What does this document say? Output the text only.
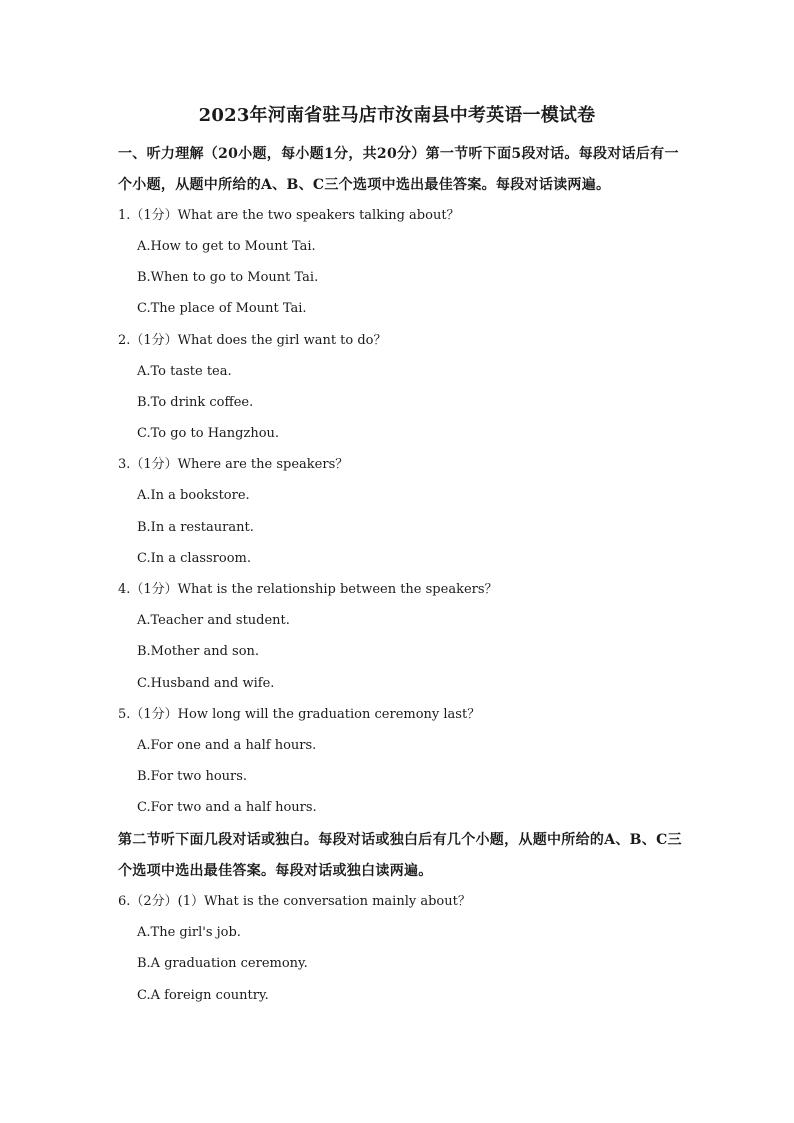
2023年河南省驻马店市汝南县中考英语一模试卷
一、听力理解（20小题，每小题1分，共20分）第一节听下面5段对话。每段对话后有一个小题，从题中所给的A、B、C三个选项中选出最佳答案。每段对话读两遍。
1.（1分）What are the two speakers talking about？
A.How to get to Mount Tai.
B.When to go to Mount Tai.
C.The place of Mount Tai.
2.（1分）What does the girl want to do？
A.To taste tea.
B.To drink coffee.
C.To go to Hangzhou.
3.（1分）Where are the speakers？
A.In a bookstore.
B.In a restaurant.
C.In a classroom.
4.（1分）What is the relationship between the speakers？
A.Teacher and student.
B.Mother and son.
C.Husband and wife.
5.（1分）How long will the graduation ceremony last？
A.For one and a half hours.
B.For two hours.
C.For two and a half hours.
第二节听下面几段对话或独白。每段对话或独白后有几个小题，从题中所给的A、B、C三个选项中选出最佳答案。每段对话或独白读两遍。
6.（2分）(1）What is the conversation mainly about？
A.The girl's job.
B.A graduation ceremony.
C.A foreign country.
